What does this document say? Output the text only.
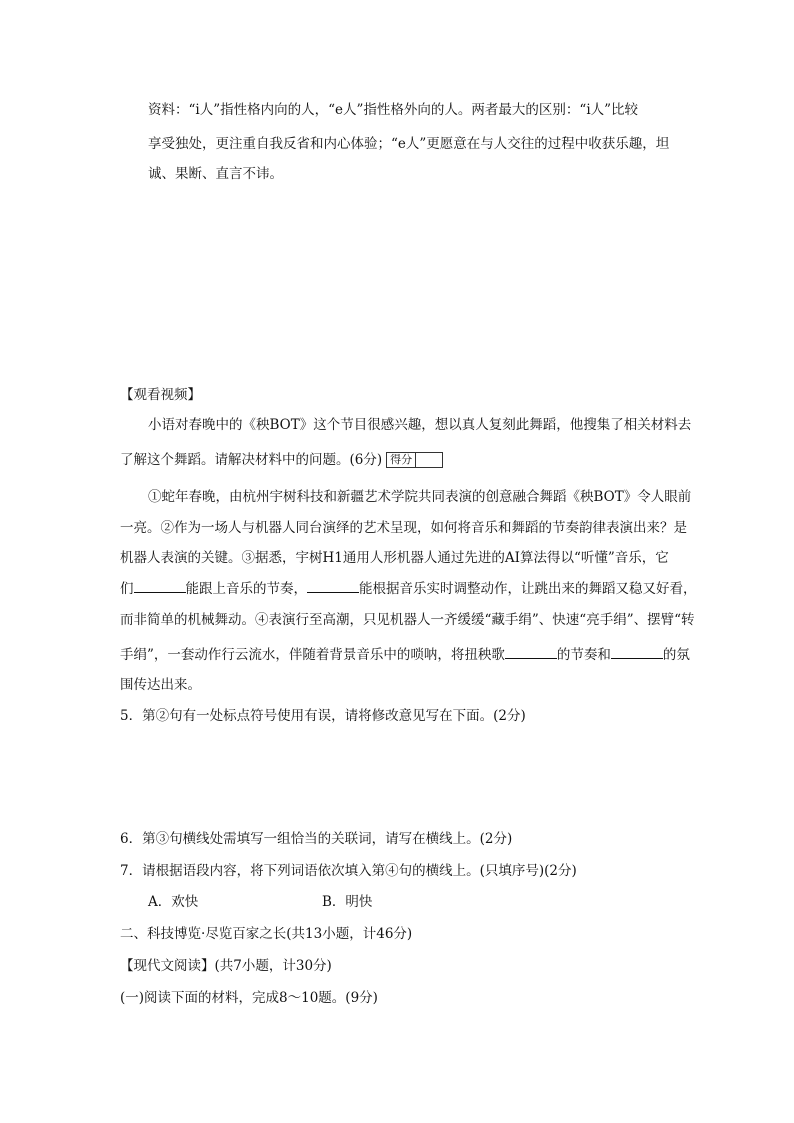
资料：“i人”指性格内向的人，“e人”指性格外向的人。两者最大的区别：“i人”比较
享受独处，更注重自我反省和内心体验；“e人”更愿意在与人交往的过程中收获乐趣，坦
诚、果断、直言不讳。
【观看视频】
小语对春晚中的《秧BOT》这个节目很感兴趣，想以真人复刻此舞蹈，他搜集了相关材料去
了解这个舞蹈。请解决材料中的问题。(6分) 得分
①蛇年春晚，由杭州宇树科技和新疆艺术学院共同表演的创意融合舞蹈《秧BOT》令人眼前
一亮。②作为一场人与机器人同台演绎的艺术呈现，如何将音乐和舞蹈的节奏韵律表演出来？是
机器人表演的关键。③据悉，宇树H1通用人形机器人通过先进的AI算法得以“听懂”音乐，它
们	能跟上音乐的节奏，	能根据音乐实时调整动作，让跳出来的舞蹈又稳又好看，
而非简单的机械舞动。④表演行至高潮，只见机器人一齐缓缓“藏手绢”、快速“亮手绢”、摆臂“转
手绢”，一套动作行云流水，伴随着背景音乐中的唢呐，将扭秧歌	的节奏和	的氛
围传达出来。
5．第②句有一处标点符号使用有误，请将修改意见写在下面。(2分)
6．第③句横线处需填写一组恰当的关联词，请写在横线上。(2分)
7．请根据语段内容，将下列词语依次填入第④句的横线上。(只填序号)(2分)
A．欢快	B．明快
二、科技博览·尽览百家之长(共13小题，计46分)
【现代文阅读】(共7小题，计30分)
(一)阅读下面的材料，完成8～10题。(9分)
